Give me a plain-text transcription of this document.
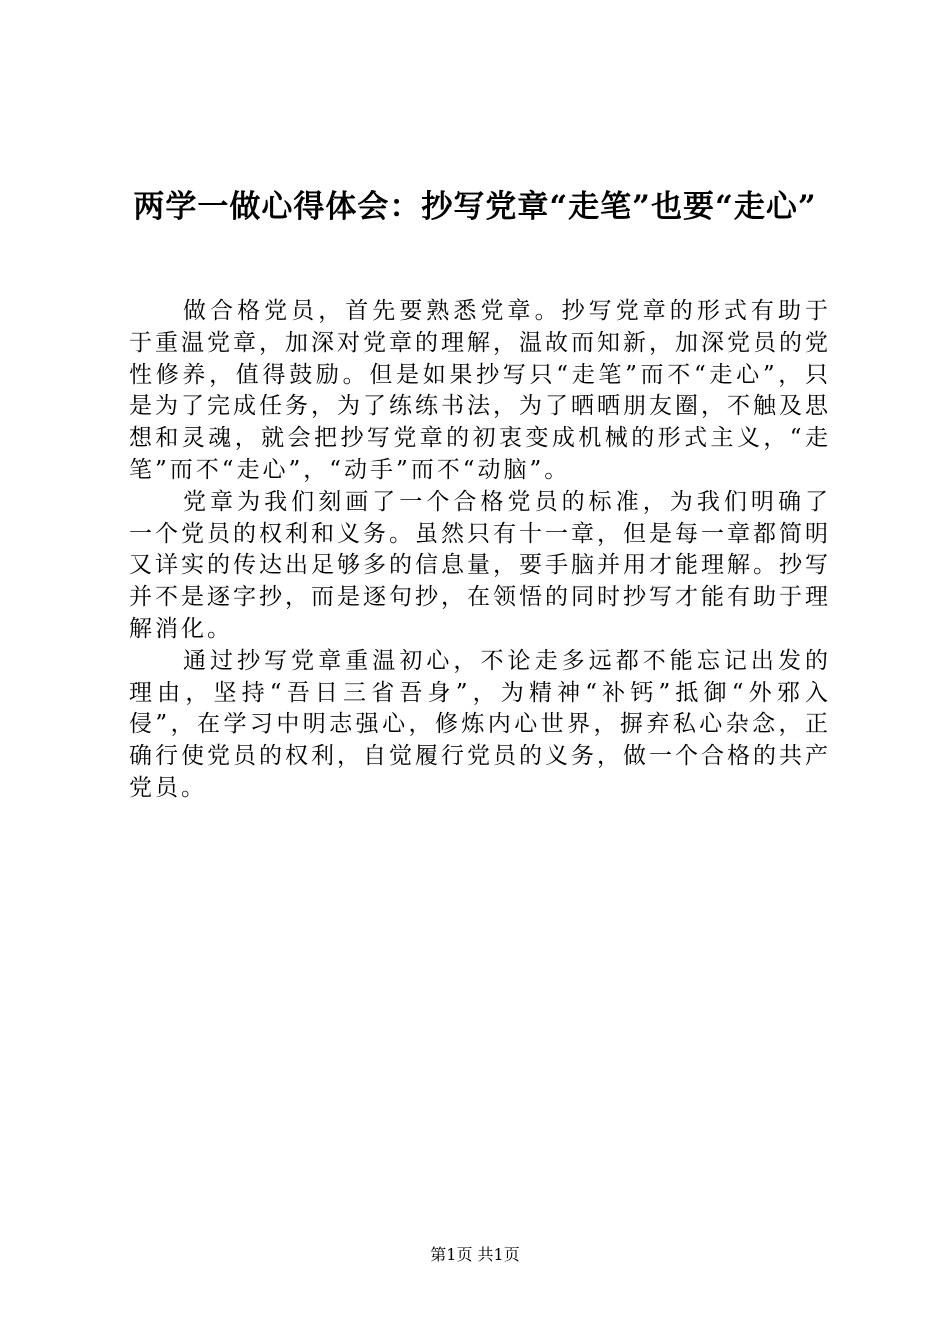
两学一做心得体会：抄写党章“走笔”也要“走心”

做合格党员，首先要熟悉党章。抄写党章的形式有助于于重温党章，加深对党章的理解，温故而知新，加深党员的党性修养，值得鼓励。但是如果抄写只“走笔”而不“走心”，只是为了完成任务，为了练练书法，为了晒晒朋友圈，不触及思想和灵魂，就会把抄写党章的初衷变成机械的形式主义，“走笔”而不“走心”，“动手”而不“动脑”。

党章为我们刻画了一个合格党员的标准，为我们明确了一个党员的权利和义务。虽然只有十一章，但是每一章都简明又详实的传达出足够多的信息量，要手脑并用才能理解。抄写并不是逐字抄，而是逐句抄，在领悟的同时抄写才能有助于理解消化。

通过抄写党章重温初心，不论走多远都不能忘记出发的理由，坚持“吾日三省吾身”，为精神“补钙”抵御“外邪入侵”，在学习中明志强心，修炼内心世界，摒弃私心杂念，正确行使党员的权利，自觉履行党员的义务，做一个合格的共产党员。

第1页 共1页
